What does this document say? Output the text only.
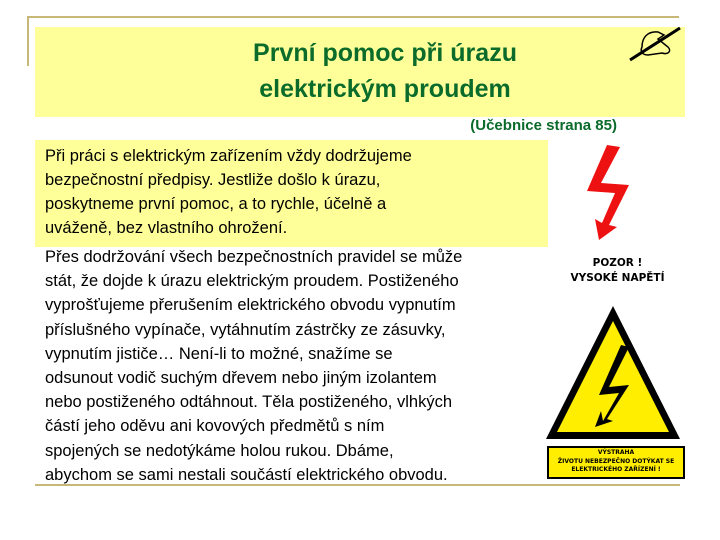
První pomoc při úrazu
elektrickým proudem
(Učebnice strana 85)
Při práci s elektrickým zařízením vždy dodržujeme
bezpečnostní předpisy. Jestliže došlo k úrazu,
poskytneme první pomoc, a to rychle, účelně a
uváženě, bez vlastního ohrožení.
Přes dodržování všech bezpečnostních pravidel se může
stát, že dojde k úrazu elektrickým proudem. Postiženého
vyprošťujeme přerušením elektrického obvodu vypnutím
příslušného vypínače, vytáhnutím zástrčky ze zásuvky,
vypnutím jističe… Není-li to možné, snažíme se
odsunout vodič suchým dřevem nebo jiným izolantem
nebo postiženého odtáhnout. Těla postiženého, vlhkých
částí jeho oděvu ani kovových předmětů s ním
spojených se nedotýkáme holou rukou. Dbáme,
abychom se sami nestali součástí elektrického obvodu.
POZOR !
VYSOKÉ NAPĚTÍ
VÝSTRAHA
ŽIVOTU NEBEZPEČNO DOTÝKAT SE
ELEKTRICKÉHO ZAŘÍZENÍ !
